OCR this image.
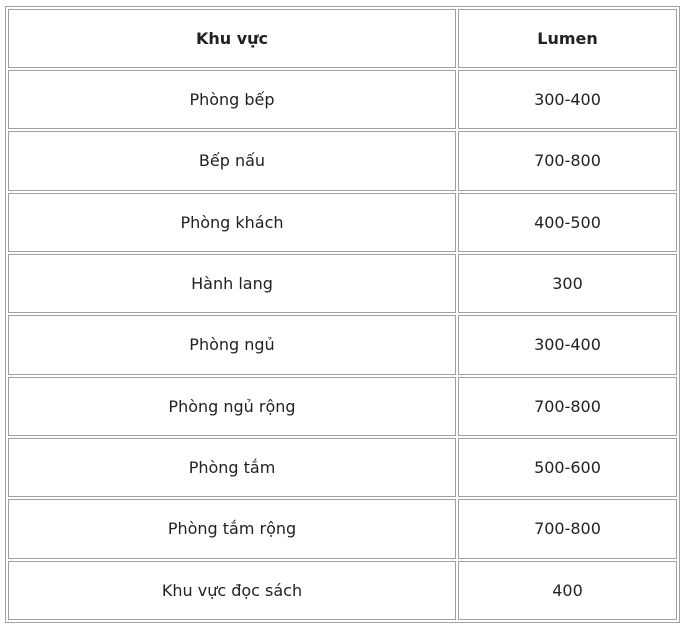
Khu vực	Lumen
Phòng bếp	300-400
Bếp nấu	700-800
Phòng khách	400-500
Hành lang	300
Phòng ngủ	300-400
Phòng ngủ rộng	700-800
Phòng tắm	500-600
Phòng tắm rộng	700-800
Khu vực đọc sách	400
